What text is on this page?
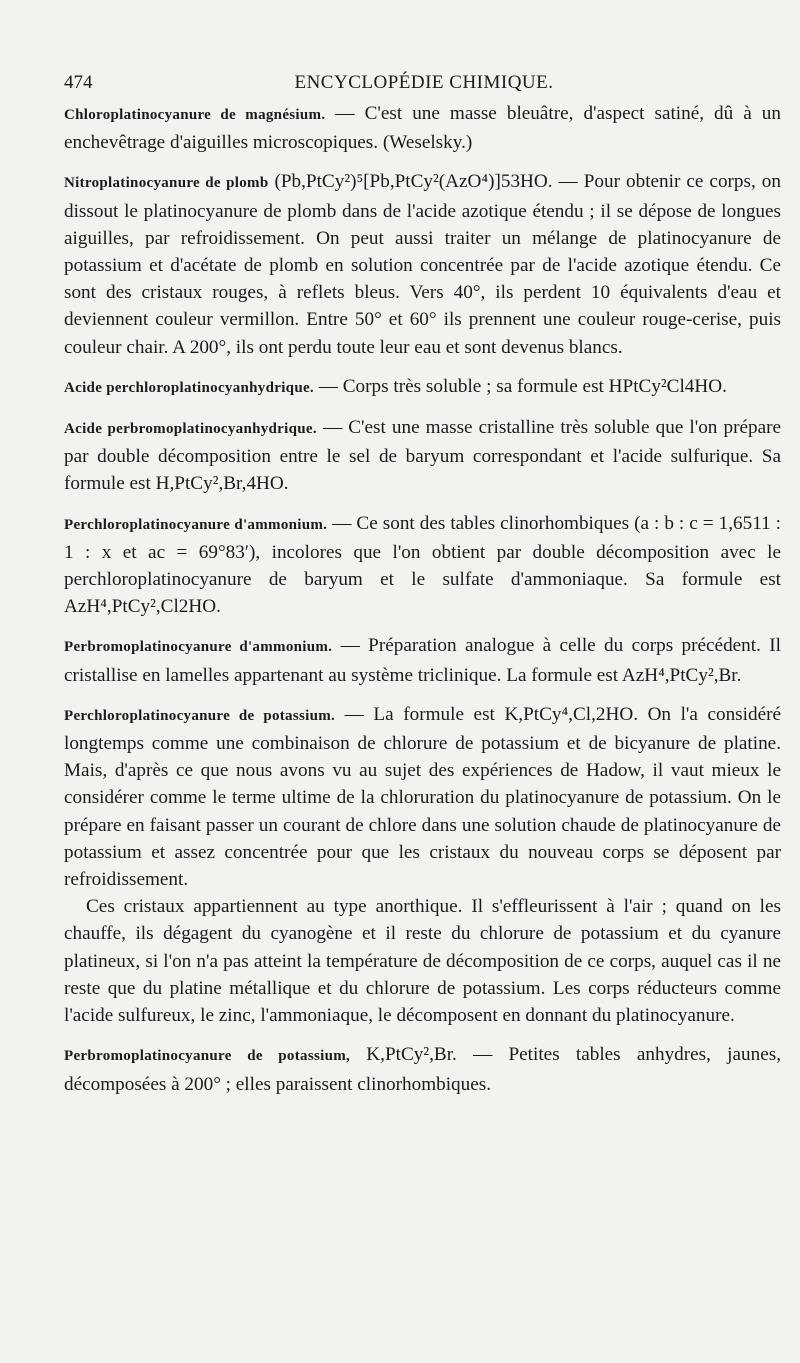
474	ENCYCLOPÉDIE CHIMIQUE.

Chloroplatinocyanure de magnésium. — C'est une masse bleuâtre, d'aspect satiné, dû à un enchevêtrage d'aiguilles microscopiques. (Weselsky.)

Nitroplatinocyanure de plomb (Pb,PtCy²)⁵[Pb,PtCy²(AzO⁴)]53HO. — Pour obtenir ce corps, on dissout le platinocyanure de plomb dans de l'acide azotique étendu ; il se dépose de longues aiguilles, par refroidissement. On peut aussi traiter un mélange de platinocyanure de potassium et d'acétate de plomb en solution concentrée par de l'acide azotique étendu. Ce sont des cristaux rouges, à reflets bleus. Vers 40°, ils perdent 10 équivalents d'eau et deviennent couleur vermillon. Entre 50° et 60° ils prennent une couleur rouge-cerise, puis couleur chair. A 200°, ils ont perdu toute leur eau et sont devenus blancs.

Acide perchloroplatinocyanhydrique. — Corps très soluble ; sa formule est HPtCy²Cl4HO.

Acide perbromoplatinocyanhydrique. — C'est une masse cristalline très soluble que l'on prépare par double décomposition entre le sel de baryum correspondant et l'acide sulfurique. Sa formule est H,PtCy²,Br,4HO.

Perchloroplatinocyanure d'ammonium. — Ce sont des tables clinorhombiques (a : b : c = 1,6511 : 1 : x et ac = 69°83′), incolores que l'on obtient par double décomposition avec le perchloroplatinocyanure de baryum et le sulfate d'ammoniaque. Sa formule est AzH⁴,PtCy²,Cl2HO.

Perbromoplatinocyanure d'ammonium. — Préparation analogue à celle du corps précédent. Il cristallise en lamelles appartenant au système triclinique. La formule est AzH⁴,PtCy²,Br.

Perchloroplatinocyanure de potassium. — La formule est K,PtCy⁴,Cl,2HO. On l'a considéré longtemps comme une combinaison de chlorure de potassium et de bicyanure de platine. Mais, d'après ce que nous avons vu au sujet des expériences de Hadow, il vaut mieux le considérer comme le terme ultime de la chloruration du platinocyanure de potassium. On le prépare en faisant passer un courant de chlore dans une solution chaude de platinocyanure de potassium et assez concentrée pour que les cristaux du nouveau corps se déposent par refroidissement.

Ces cristaux appartiennent au type anorthique. Il s'effleurissent à l'air ; quand on les chauffe, ils dégagent du cyanogène et il reste du chlorure de potassium et du cyanure platineux, si l'on n'a pas atteint la température de décomposition de ce corps, auquel cas il ne reste que du platine métallique et du chlorure de potassium. Les corps réducteurs comme l'acide sulfureux, le zinc, l'ammoniaque, le décomposent en donnant du platinocyanure.

Perbromoplatinocyanure de potassium, K,PtCy²,Br. — Petites tables anhydres, jaunes, décomposées à 200° ; elles paraissent clinorhombiques.
